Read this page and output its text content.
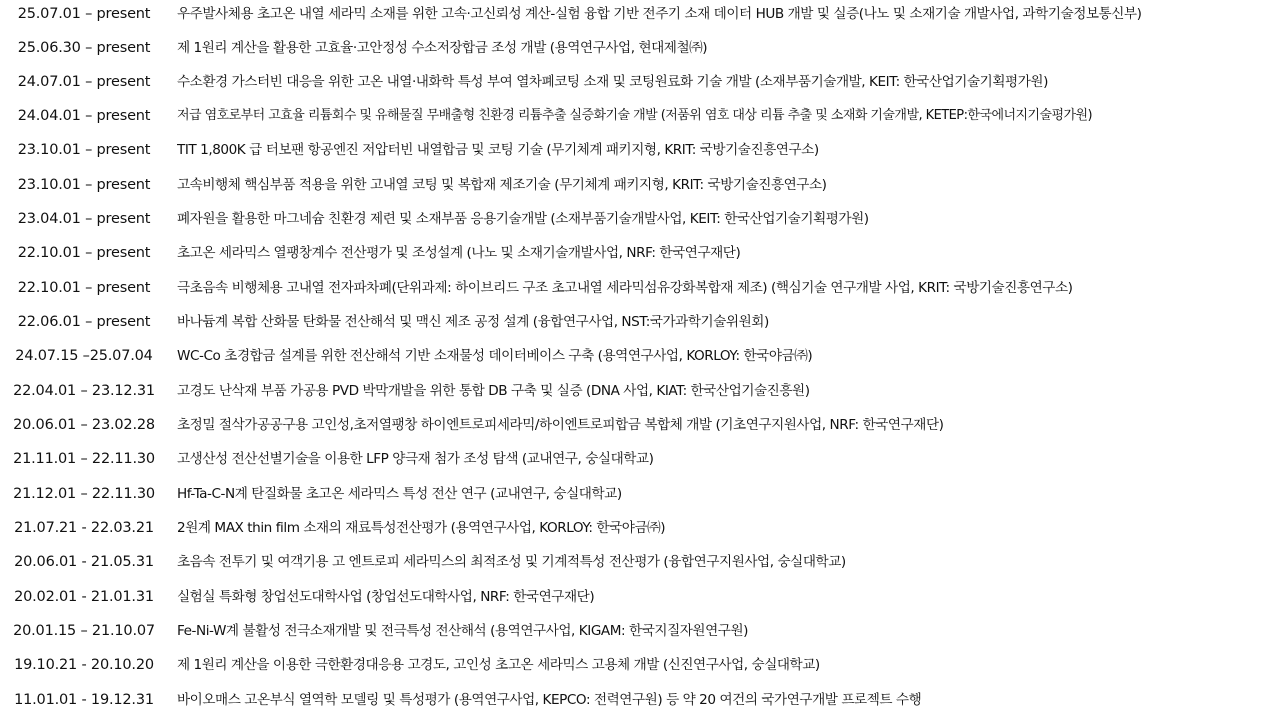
25.07.01 – present	우주발사체용 초고온 내열 세라믹 소재를 위한 고속·고신뢰성 계산-실험 융합 기반 전주기 소재 데이터 HUB 개발 및 실증(나노 및 소재기술 개발사업, 과학기술정보통신부)
25.06.30 – present	제 1원리 계산을 활용한 고효율·고안정성 수소저장합금 조성 개발 (용역연구사업, 현대제철㈜)
24.07.01 – present	수소환경 가스터빈 대응을 위한 고온 내열·내화학 특성 부여 열차폐코팅 소재 및 코팅원료화 기술 개발 (소재부품기술개발, KEIT: 한국산업기술기획평가원)
24.04.01 – present	저급 염호로부터 고효율 리튬회수 및 유해물질 무배출형 친환경 리튬추출 실증화기술 개발 (저품위 염호 대상 리튬 추출 및 소재화 기술개발, KETEP:한국에너지기술평가원)
23.10.01 – present	TIT 1,800K 급 터보팬 항공엔진 저압터빈 내열합금 및 코팅 기술 (무기체계 패키지형, KRIT: 국방기술진흥연구소)
23.10.01 – present	고속비행체 핵심부품 적용을 위한 고내열 코팅 및 복합재 제조기술 (무기체계 패키지형, KRIT: 국방기술진흥연구소)
23.04.01 – present	폐자원을 활용한 마그네슘 친환경 제련 및 소재부품 응용기술개발 (소재부품기술개발사업, KEIT: 한국산업기술기획평가원)
22.10.01 – present	초고온 세라믹스 열팽창계수 전산평가 및 조성설계 (나노 및 소재기술개발사업, NRF: 한국연구재단)
22.10.01 – present	극초음속 비행체용 고내열 전자파차폐(단위과제: 하이브리드 구조 초고내열 세라믹섬유강화복합재 제조) (핵심기술 연구개발 사업, KRIT: 국방기술진흥연구소)
22.06.01 – present	바나듐계 복합 산화물 탄화물 전산해석 및 맥신 제조 공정 설계 (융합연구사업, NST:국가과학기술위원회)
24.07.15 –25.07.04	WC-Co 초경합금 설계를 위한 전산해석 기반 소재물성 데이터베이스 구축 (용역연구사업, KORLOY: 한국야금㈜)
22.04.01 – 23.12.31	고경도 난삭재 부품 가공용 PVD 박막개발을 위한 통합 DB 구축 및 실증 (DNA 사업, KIAT: 한국산업기술진흥원)
20.06.01 – 23.02.28	초정밀 절삭가공공구용 고인성,초저열팽창 하이엔트로피세라믹/하이엔트로피합금 복합체 개발 (기초연구지원사업, NRF: 한국연구재단)
21.11.01 – 22.11.30	고생산성 전산선별기술을 이용한 LFP 양극재 첨가 조성 탐색 (교내연구, 숭실대학교)
21.12.01 – 22.11.30	Hf-Ta-C-N계 탄질화물 초고온 세라믹스 특성 전산 연구 (교내연구, 숭실대학교)
21.07.21 - 22.03.21	2원계 MAX thin film 소재의 재료특성전산평가 (용역연구사업, KORLOY: 한국야금㈜)
20.06.01 - 21.05.31	초음속 전투기 및 여객기용 고 엔트로피 세라믹스의 최적조성 및 기계적특성 전산평가 (융합연구지원사업, 숭실대학교)
20.02.01 - 21.01.31	실험실 특화형 창업선도대학사업 (창업선도대학사업, NRF: 한국연구재단)
20.01.15 – 21.10.07	Fe-Ni-W계 불활성 전극소재개발 및 전극특성 전산해석 (용역연구사업, KIGAM: 한국지질자원연구원)
19.10.21 - 20.10.20	제 1원리 계산을 이용한 극한환경대응용 고경도, 고인성 초고온 세라믹스 고용체 개발 (신진연구사업, 숭실대학교)
11.01.01 - 19.12.31	바이오매스 고온부식 열역학 모델링 및 특성평가 (용역연구사업, KEPCO: 전력연구원) 등 약 20 여건의 국가연구개발 프로젝트 수행
